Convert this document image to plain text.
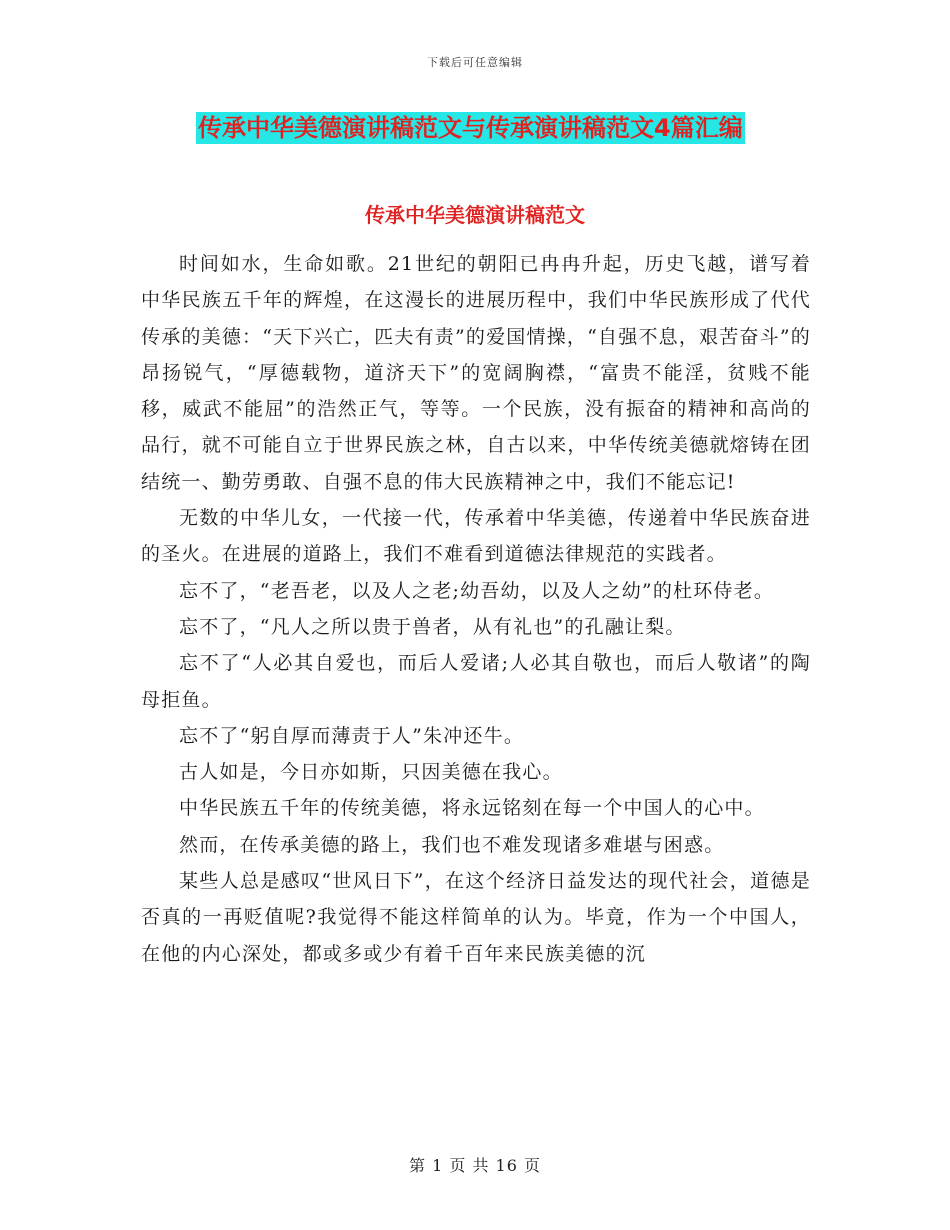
下载后可任意编辑
传承中华美德演讲稿范文与传承演讲稿范文4篇汇编
传承中华美德演讲稿范文

时间如水，生命如歌。21世纪的朝阳已冉冉升起，历史飞越，谱写着中华民族五千年的辉煌，在这漫长的进展历程中，我们中华民族形成了代代传承的美德：“天下兴亡，匹夫有责”的爱国情操，“自强不息，艰苦奋斗”的昂扬锐气，“厚德载物，道济天下”的宽阔胸襟，“富贵不能淫，贫贱不能移，威武不能屈”的浩然正气，等等。一个民族，没有振奋的精神和高尚的品行，就不可能自立于世界民族之林，自古以来，中华传统美德就熔铸在团结统一、勤劳勇敢、自强不息的伟大民族精神之中，我们不能忘记!

无数的中华儿女，一代接一代，传承着中华美德，传递着中华民族奋进的圣火。在进展的道路上，我们不难看到道德法律规范的实践者。

忘不了，“老吾老，以及人之老;幼吾幼，以及人之幼”的杜环侍老。

忘不了，“凡人之所以贵于兽者，从有礼也”的孔融让梨。

忘不了“人必其自爱也，而后人爱诸;人必其自敬也，而后人敬诸”的陶母拒鱼。

忘不了“躬自厚而薄责于人”朱冲还牛。

古人如是，今日亦如斯，只因美德在我心。

中华民族五千年的传统美德，将永远铭刻在每一个中国人的心中。

然而，在传承美德的路上，我们也不难发现诸多难堪与困惑。

某些人总是感叹“世风日下”，在这个经济日益发达的现代社会，道德是否真的一再贬值呢?我觉得不能这样简单的认为。毕竟，作为一个中国人，在他的内心深处，都或多或少有着千百年来民族美德的沉

第 1 页 共 16 页
